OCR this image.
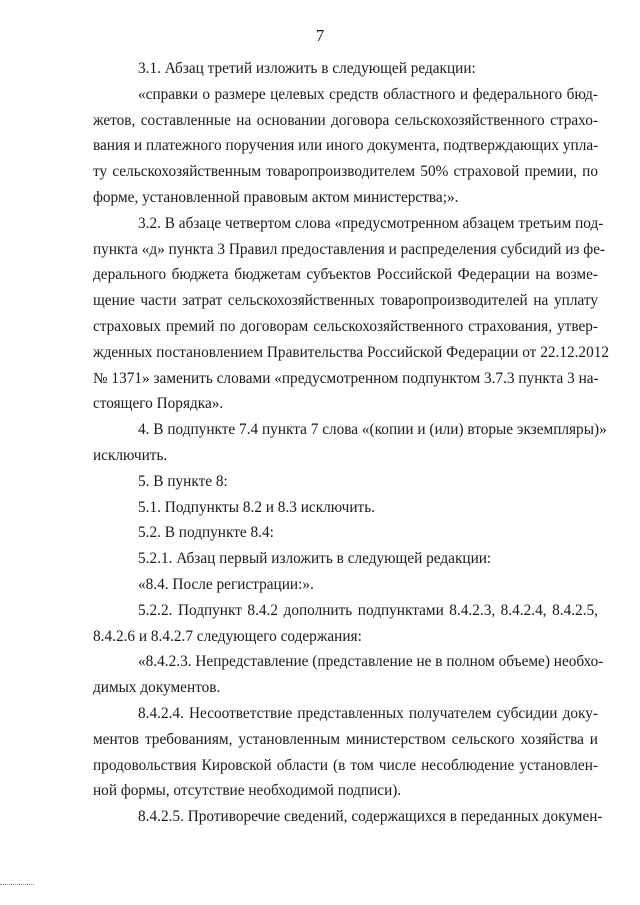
7
3.1. Абзац третий изложить в следующей редакции:
«справки о размере целевых средств областного и федерального бюд-
жетов, составленные на основании договора сельскохозяйственного страхо-
вания и платежного поручения или иного документа, подтверждающих упла-
ту сельскохозяйственным товаропроизводителем 50% страховой премии, по
форме, установленной правовым актом министерства;».
3.2. В абзаце четвертом слова «предусмотренном абзацем третьим под-
пункта «д» пункта 3 Правил предоставления и распределения субсидий из фе-
дерального бюджета бюджетам субъектов Российской Федерации на возме-
щение части затрат сельскохозяйственных товаропроизводителей на уплату
страховых премий по договорам сельскохозяйственного страхования, утвер-
жденных постановлением Правительства Российской Федерации от 22.12.2012
№ 1371» заменить словами «предусмотренном подпунктом 3.7.3 пункта 3 на-
стоящего Порядка».
4. В подпункте 7.4 пункта 7 слова «(копии и (или) вторые экземпляры)»
исключить.
5. В пункте 8:
5.1. Подпункты 8.2 и 8.3 исключить.
5.2. В подпункте 8.4:
5.2.1. Абзац первый изложить в следующей редакции:
«8.4. После регистрации:».
5.2.2. Подпункт 8.4.2 дополнить подпунктами 8.4.2.3, 8.4.2.4, 8.4.2.5,
8.4.2.6 и 8.4.2.7 следующего содержания:
«8.4.2.3. Непредставление (представление не в полном объеме) необхо-
димых документов.
8.4.2.4. Несоответствие представленных получателем субсидии доку-
ментов требованиям, установленным министерством сельского хозяйства и
продовольствия Кировской области (в том числе несоблюдение установлен-
ной формы, отсутствие необходимой подписи).
8.4.2.5. Противоречие сведений, содержащихся в переданных докумен-
